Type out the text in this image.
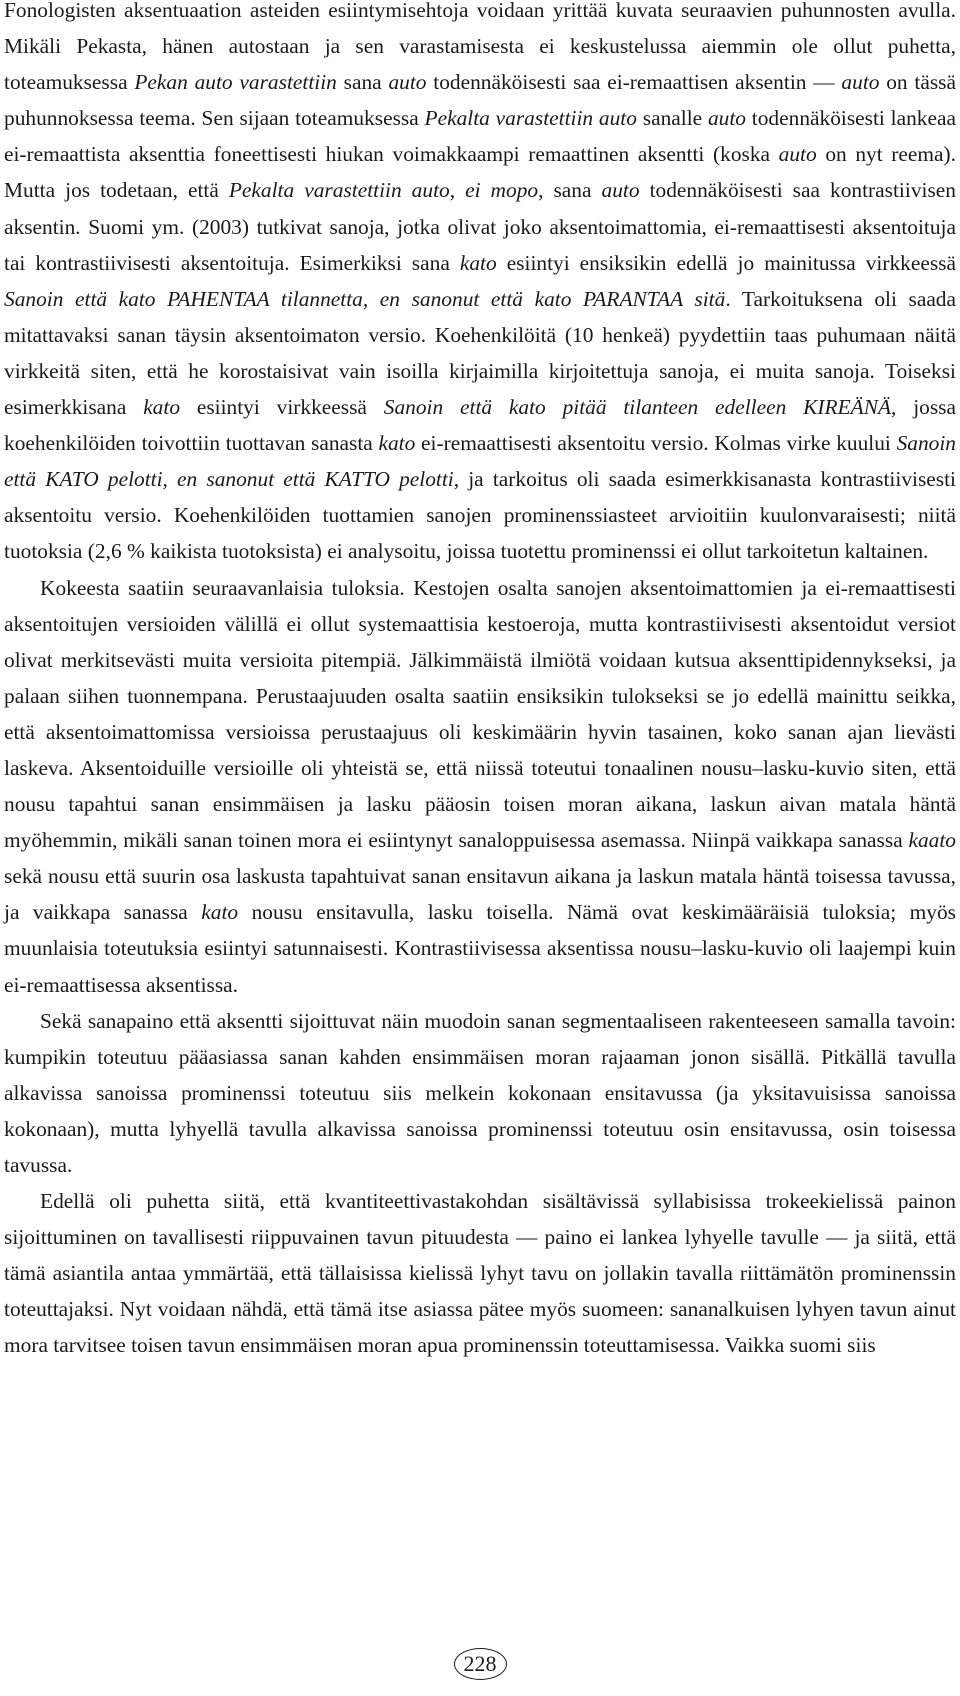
Fonologisten aksentuaation asteiden esiintymisehtoja voidaan yrittää kuvata seuraavien puhunnosten avulla. Mikäli Pekasta, hänen autostaan ja sen varastamisesta ei keskustelussa aiemmin ole ollut puhetta, toteamuksessa Pekan auto varastettiin sana auto todennäköisesti saa ei-remaattisen aksentin — auto on tässä puhunnoksessa teema. Sen sijaan toteamuksessa Pekalta varastettiin auto sanalle auto todennäköisesti lankeaa ei-remaattista aksenttia foneettisesti hiukan voimakkaampi remaattinen aksentti (koska auto on nyt reema). Mutta jos todetaan, että Pekalta varastettiin auto, ei mopo, sana auto todennäköisesti saa kontrastiivisen aksentin. Suomi ym. (2003) tutkivat sanoja, jotka olivat joko aksentoimattomia, ei-remaattisesti aksentoituja tai kontrastiivisesti aksentoituja. Esimerkiksi sana kato esiintyi ensiksikin edellä jo mainitussa virkkeessä Sanoin että kato PAHENTAA tilannetta, en sanonut että kato PARANTAA sitä. Tarkoituksena oli saada mitattavaksi sanan täysin aksentoimaton versio. Koehenkilöitä (10 henkeä) pyydettiin taas puhumaan näitä virkkeitä siten, että he korostaisivat vain isoilla kirjaimilla kirjoitettuja sanoja, ei muita sanoja. Toiseksi esimerkkisana kato esiintyi virkkeessä Sanoin että kato pitää tilanteen edelleen KIREÄNÄ, jossa koehenkilöiden toivottiin tuottavan sanasta kato ei-remaattisesti aksentoitu versio. Kolmas virke kuului Sanoin että KATO pelotti, en sanonut että KATTO pelotti, ja tarkoitus oli saada esimerkkisanasta kontrastiivisesti aksentoitu versio. Koehenkilöiden tuottamien sanojen prominenssiasteet arvioitiin kuulonvaraisesti; niitä tuotoksia (2,6 % kaikista tuotoksista) ei analysoitu, joissa tuotettu prominenssi ei ollut tarkoitetun kaltainen.

Kokeesta saatiin seuraavanlaisia tuloksia. Kestojen osalta sanojen aksentoimattomien ja ei-remaattisesti aksentoitujen versioiden välillä ei ollut systemaattisia kestoeroja, mutta kontrastiivisesti aksentoidut versiot olivat merkitsevästi muita versioita pitempiä. Jälkimmäistä ilmiötä voidaan kutsua aksenttipidennykseksi, ja palaan siihen tuonnempana. Perustaajuuden osalta saatiin ensiksikin tulokseksi se jo edellä mainittu seikka, että aksentoimattomissa versioissa perustaajuus oli keskimäärin hyvin tasainen, koko sanan ajan lievästi laskeva. Aksentoiduille versioille oli yhteistä se, että niissä toteutui tonaalinen nousu–lasku-kuvio siten, että nousu tapahtui sanan ensimmäisen ja lasku pääosin toisen moran aikana, laskun aivan matala häntä myöhemmin, mikäli sanan toinen mora ei esiintynyt sanaloppuisessa asemassa. Niinpä vaikkapa sanassa kaato sekä nousu että suurin osa laskusta tapahtuivat sanan ensitavun aikana ja laskun matala häntä toisessa tavussa, ja vaikkapa sanassa kato nousu ensitavulla, lasku toisella. Nämä ovat keskimääräisiä tuloksia; myös muunlaisia toteutuksia esiintyi satunnaisesti. Kontrastiivisessa aksentissa nousu–lasku-kuvio oli laajempi kuin ei-remaattisessa aksentissa.

Sekä sanapaino että aksentti sijoittuvat näin muodoin sanan segmentaaliseen rakenteeseen samalla tavoin: kumpikin toteutuu pääasiassa sanan kahden ensimmäisen moran rajaaman jonon sisällä. Pitkällä tavulla alkavissa sanoissa prominenssi toteutuu siis melkein kokonaan ensitavussa (ja yksitavuisissa sanoissa kokonaan), mutta lyhyellä tavulla alkavissa sanoissa prominenssi toteutuu osin ensitavussa, osin toisessa tavussa.

Edellä oli puhetta siitä, että kvantiteettivastakohdan sisältävissä syllabisissa trokeekielissä painon sijoittuminen on tavallisesti riippuvainen tavun pituudesta — paino ei lankea lyhyelle tavulle — ja siitä, että tämä asiantila antaa ymmärtää, että tällaisissa kielissä lyhyt tavu on jollakin tavalla riittämätön prominenssin toteuttajaksi. Nyt voidaan nähdä, että tämä itse asiassa pätee myös suomeen: sananalkuisen lyhyen tavun ainut mora tarvitsee toisen tavun ensimmäisen moran apua prominenssin toteuttamisessa. Vaikka suomi siis

228
